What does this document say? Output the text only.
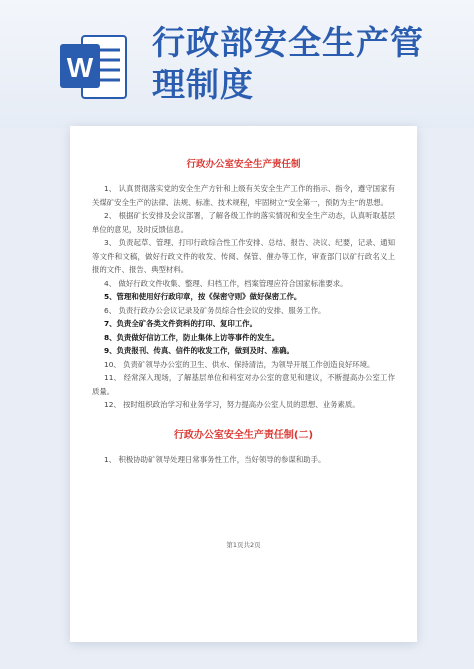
W
行政部安全生产管理制度
行政办公室安全生产责任制

1、 认真贯彻落实党的安全生产方针和上级有关安全生产工作的指示、指令，遵守国家有关煤矿安全生产的法律、法规、标准、技术规程，牢固树立“安全第一，预防为主”的思想。

2、 根据矿长安排及会议部署，了解各级工作的落实情况和安全生产动态，认真听取基层单位的意见，及时反馈信息。

3、 负责起草、管理、打印行政综合性工作安排、总结、报告、决议、纪要，记录、通知等文件和文稿，做好行政文件的收发、传阅、保管、催办等工作，审查部门以矿行政名义上报的文件、报告、典型材料。

4、 做好行政文件收集、整理、归档工作，档案管理应符合国家标准要求。

5、管理和使用好行政印章，按《保密守则》做好保密工作。

6、 负责行政办公会议记录及矿务员综合性会议的安排、服务工作。

7、负责全矿各类文件资料的打印、复印工作。

8、负责做好信访工作，防止集体上访等事件的发生。

9、负责报刊、传真、信件的收发工作，做到及时、准确。

10、 负责矿领导办公室的卫生、供水、保持清洁，为领导开展工作创造良好环境。

11、 经常深入现场，了解基层单位和科室对办公室的意见和建议，不断提高办公室工作质量。

12、 按时组织政治学习和业务学习，努力提高办公室人员的思想、业务素质。

行政办公室安全生产责任制(二)

1、 积极协助矿领导处理日常事务性工作，当好领导的参谋和助手。

第1页共2页
